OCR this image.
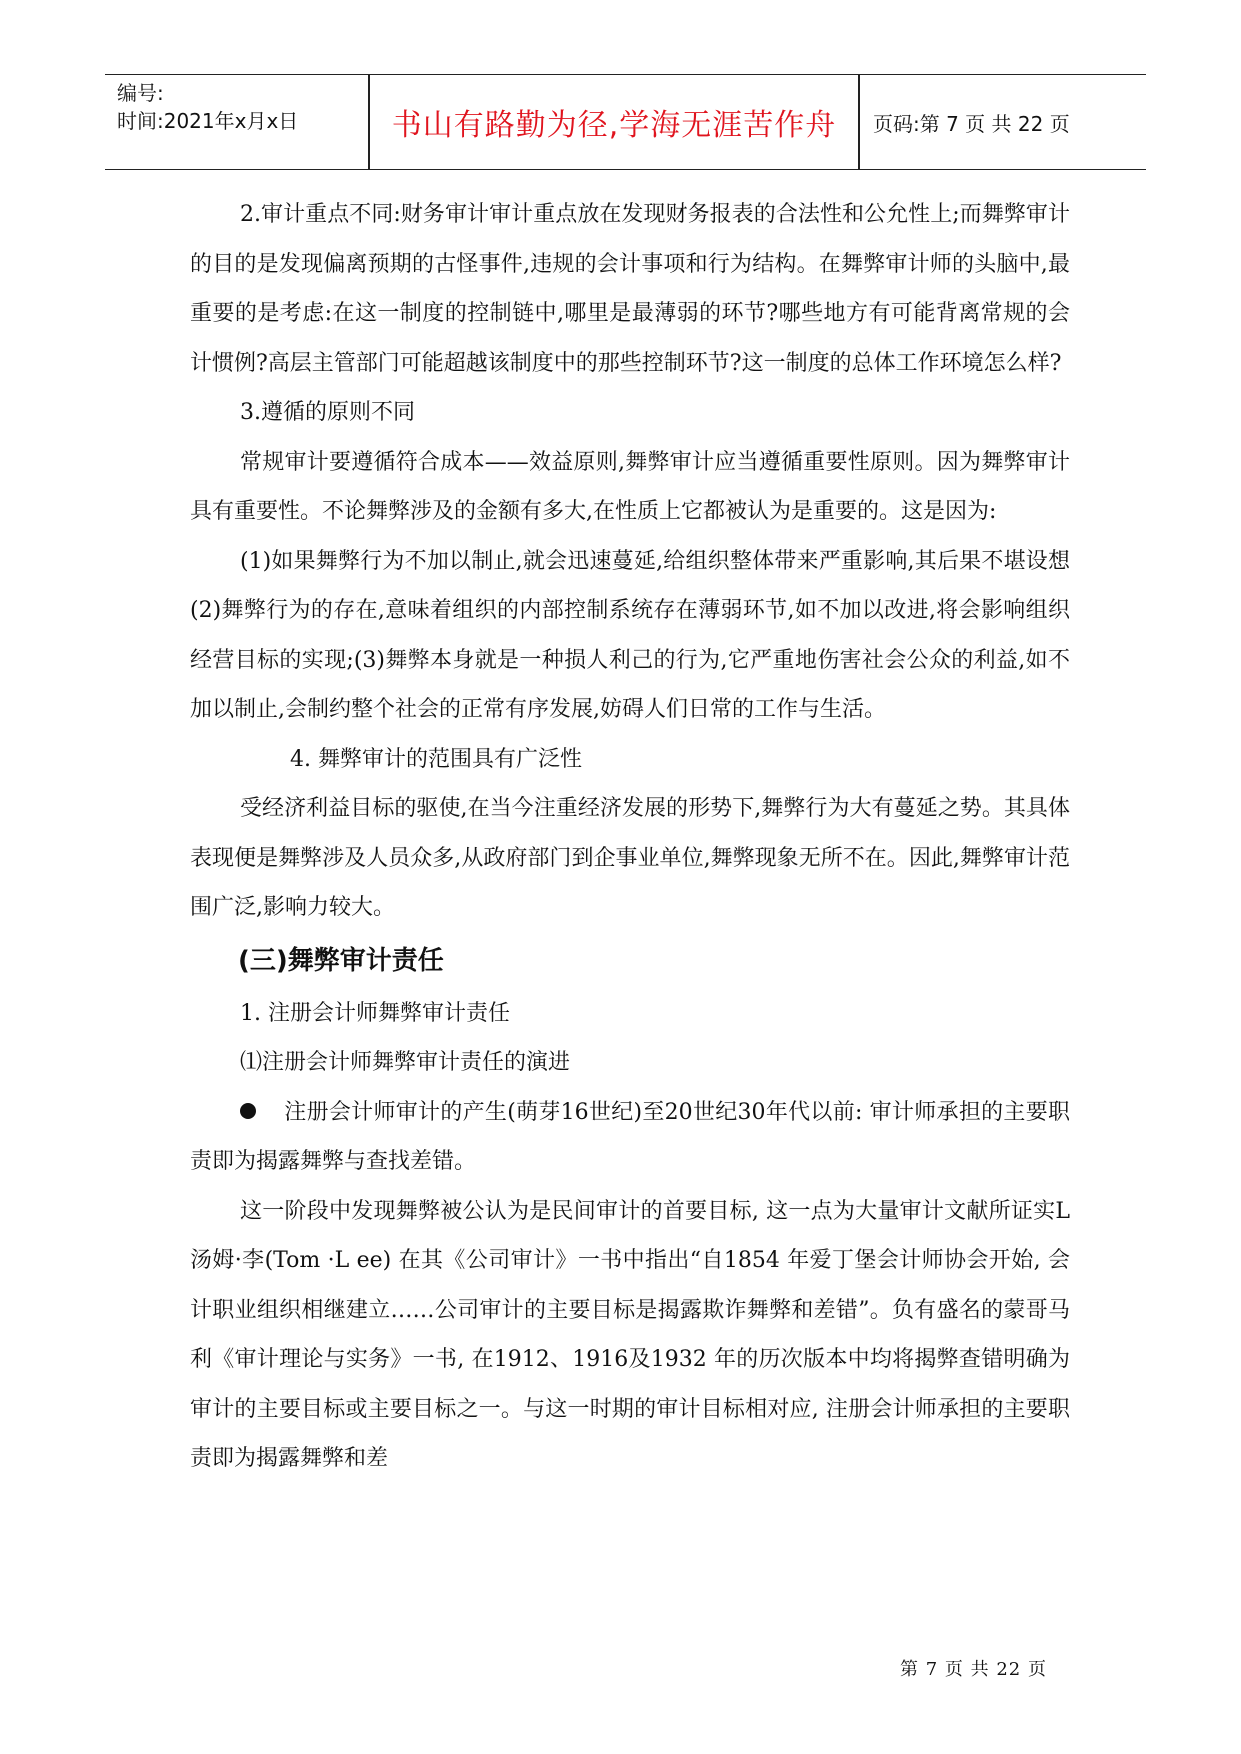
编号:
时间:2021年x月x日	书山有路勤为径,学海无涯苦作舟	页码:第 7 页 共 22 页

2.审计重点不同:财务审计审计重点放在发现财务报表的合法性和公允性上;而舞弊审计的目的是发现偏离预期的古怪事件,违规的会计事项和行为结构。在舞弊审计师的头脑中,最重要的是考虑:在这一制度的控制链中,哪里是最薄弱的环节?哪些地方有可能背离常规的会计惯例?高层主管部门可能超越该制度中的那些控制环节?这一制度的总体工作环境怎么样?

3.遵循的原则不同

常规审计要遵循符合成本——效益原则,舞弊审计应当遵循重要性原则。因为舞弊审计具有重要性。不论舞弊涉及的金额有多大,在性质上它都被认为是重要的。这是因为:

(1)如果舞弊行为不加以制止,就会迅速蔓延,给组织整体带来严重影响,其后果不堪设想(2)舞弊行为的存在,意味着组织的内部控制系统存在薄弱环节,如不加以改进,将会影响组织经营目标的实现;(3)舞弊本身就是一种损人利己的行为,它严重地伤害社会公众的利益,如不加以制止,会制约整个社会的正常有序发展,妨碍人们日常的工作与生活。

4. 舞弊审计的范围具有广泛性

受经济利益目标的驱使,在当今注重经济发展的形势下,舞弊行为大有蔓延之势。其具体表现便是舞弊涉及人员众多,从政府部门到企事业单位,舞弊现象无所不在。因此,舞弊审计范围广泛,影响力较大。

(三)舞弊审计责任

1. 注册会计师舞弊审计责任

⑴注册会计师舞弊审计责任的演进

注册会计师审计的产生(萌芽16世纪)至20世纪30年代以前: 审计师承担的主要职责即为揭露舞弊与查找差错。

这一阶段中发现舞弊被公认为是民间审计的首要目标, 这一点为大量审计文献所证实L汤姆·李(Tom ·L ee) 在其《公司审计》一书中指出“自1854 年爱丁堡会计师协会开始, 会计职业组织相继建立……公司审计的主要目标是揭露欺诈舞弊和差错”。负有盛名的蒙哥马利《审计理论与实务》一书, 在1912、1916及1932 年的历次版本中均将揭弊查错明确为审计的主要目标或主要目标之一。与这一时期的审计目标相对应, 注册会计师承担的主要职责即为揭露舞弊和差

第 7 页 共 22 页
